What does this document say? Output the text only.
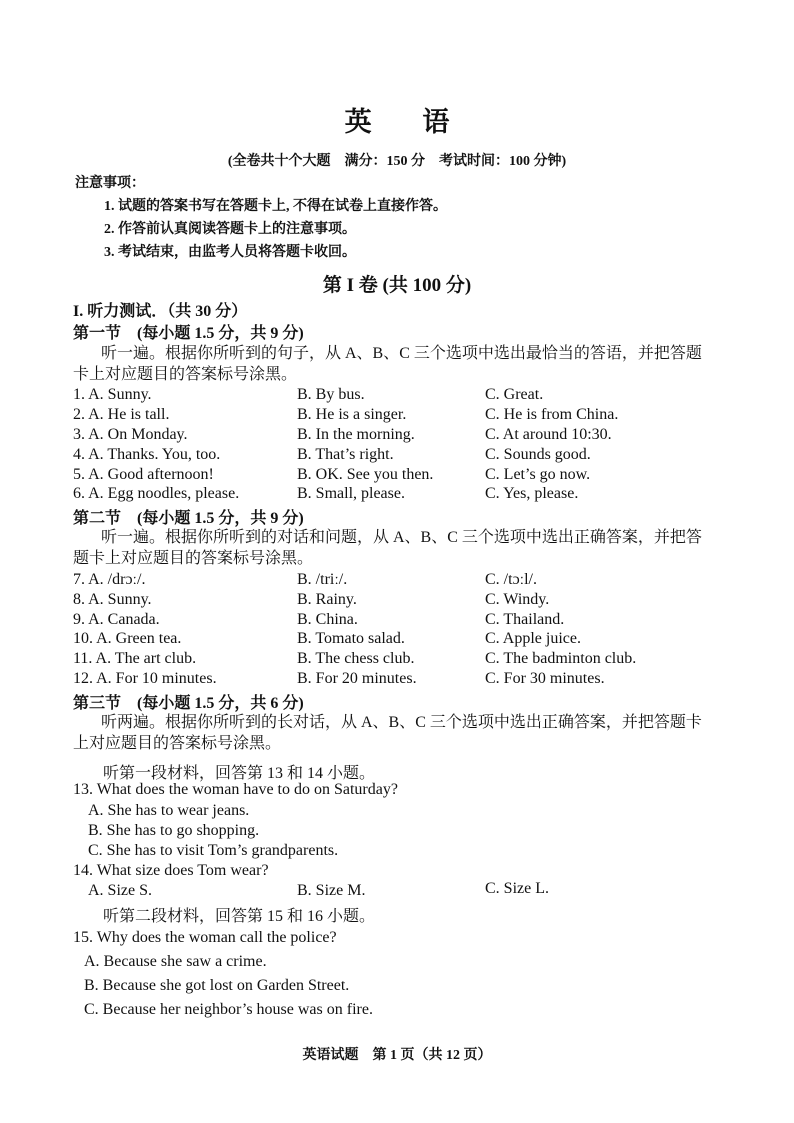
英 语
(全卷共十个大题　满分：150 分　考试时间：100 分钟)
注意事项：
1. 试题的答案书写在答题卡上, 不得在试卷上直接作答。
2. 作答前认真阅读答题卡上的注意事项。
3. 考试结束，由监考人员将答题卡收回。
第 I 卷 (共 100 分)
I. 听力测试．（共 30 分）
第一节　(每小题 1.5 分，共 9 分)
听一遍。根据你所听到的句子，从 A、B、C 三个选项中选出最恰当的答语，并把答题卡上对应题目的答案标号涂黑。
1. A. Sunny.	B. By bus.	C. Great.
2. A. He is tall.	B. He is a singer.	C. He is from China.
3. A. On Monday.	B. In the morning.	C. At around 10:30.
4. A. Thanks. You, too.	B. That’s right.	C. Sounds good.
5. A. Good afternoon!	B. OK. See you then.	C. Let’s go now.
6. A. Egg noodles, please.	B. Small, please.	C. Yes, please.
第二节　(每小题 1.5 分，共 9 分)
听一遍。根据你所听到的对话和问题，从 A、B、C 三个选项中选出正确答案，并把答题卡上对应题目的答案标号涂黑。
7. A. /drɔː/.	B. /triː/.	C. /tɔːl/.
8. A. Sunny.	B. Rainy.	C. Windy.
9. A. Canada.	B. China.	C. Thailand.
10. A. Green tea.	B. Tomato salad.	C. Apple juice.
11. A. The art club.	B. The chess club.	C. The badminton club.
12. A. For 10 minutes.	B. For 20 minutes.	C. For 30 minutes.
第三节　(每小题 1.5 分，共 6 分)
听两遍。根据你所听到的长对话，从 A、B、C 三个选项中选出正确答案，并把答题卡上对应题目的答案标号涂黑。
听第一段材料，回答第 13 和 14 小题。
13. What does the woman have to do on Saturday?
A. She has to wear jeans.
B. She has to go shopping.
C. She has to visit Tom’s grandparents.
14. What size does Tom wear?
A. Size S.	B. Size M.	C. Size L.
听第二段材料，回答第 15 和 16 小题。
15. Why does the woman call the police?
A. Because she saw a crime.
B. Because she got lost on Garden Street.
C. Because her neighbor’s house was on fire.
英语试题　第 1 页（共 12 页）
